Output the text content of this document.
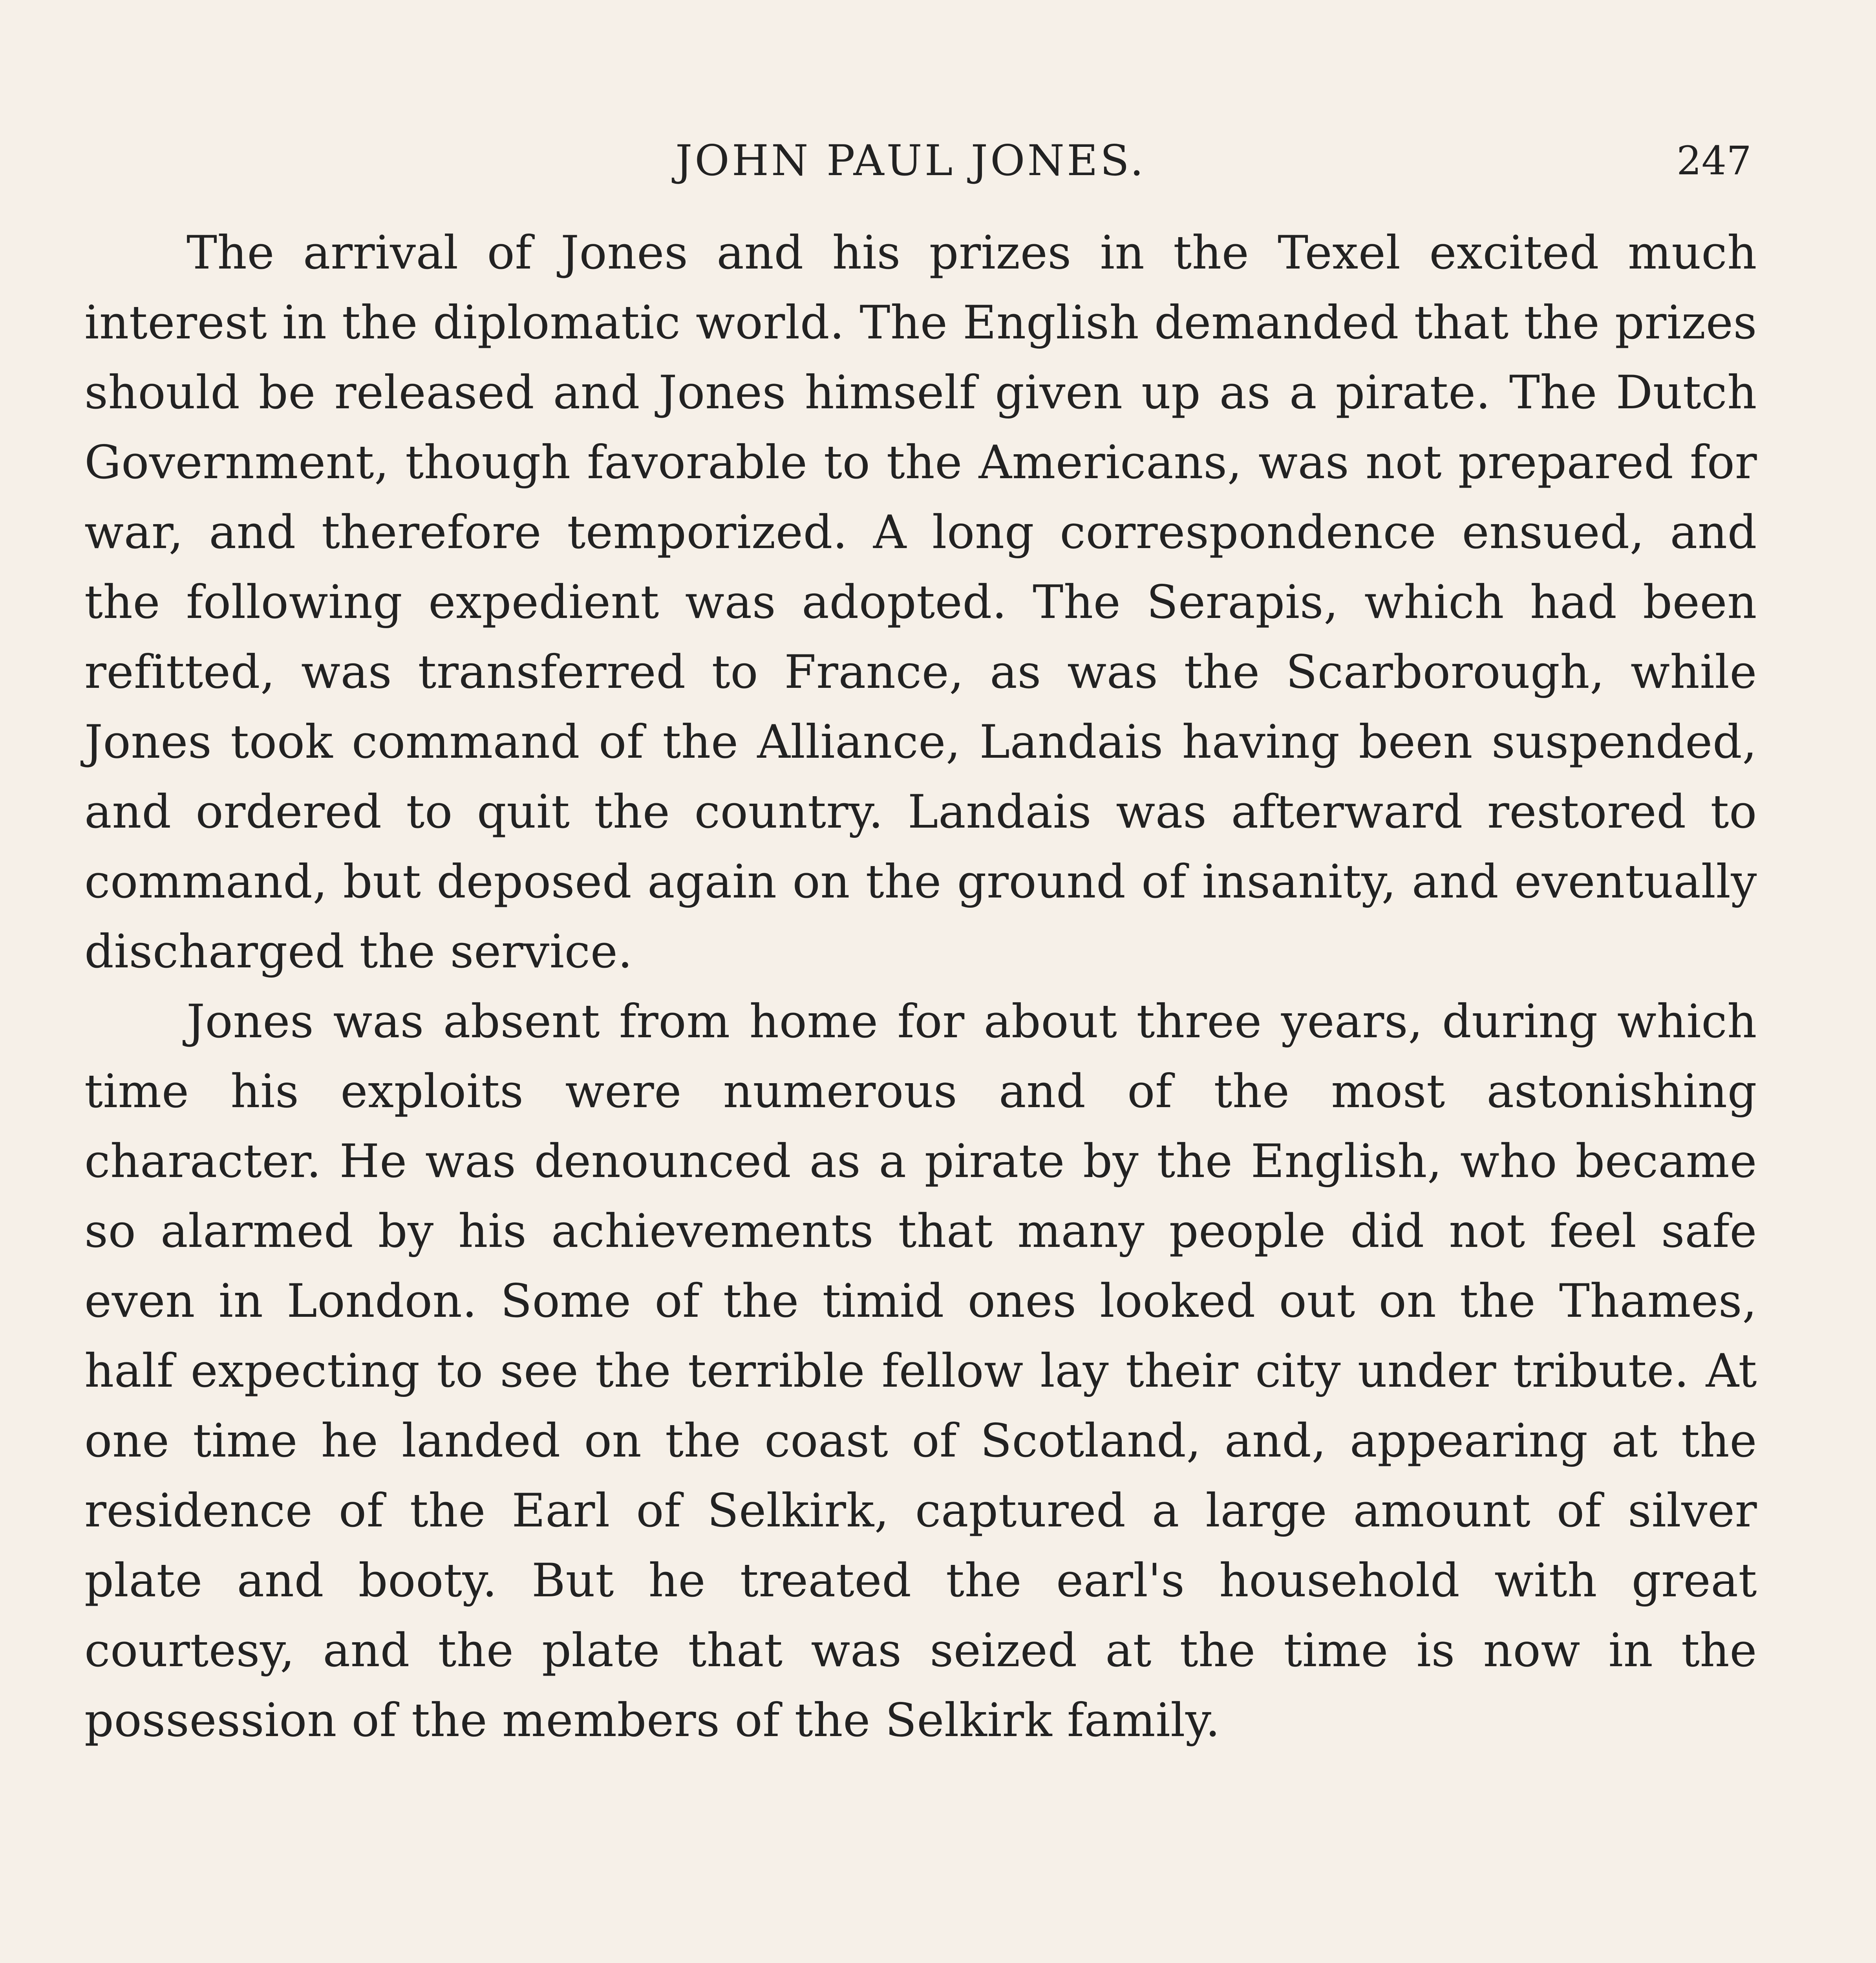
JOHN PAUL JONES.	247

The arrival of Jones and his prizes in the Texel excited much interest in the diplomatic world. The English demanded that the prizes should be released and Jones himself given up as a pirate. The Dutch Government, though favorable to the Americans, was not prepared for war, and therefore temporized. A long correspondence ensued, and the following expedient was adopted. The Serapis, which had been refitted, was transferred to France, as was the Scarborough, while Jones took command of the Alliance, Landais having been suspended, and ordered to quit the country. Landais was afterward restored to command, but deposed again on the ground of insanity, and eventually discharged the service.

Jones was absent from home for about three years, during which time his exploits were numerous and of the most astonishing character. He was denounced as a pirate by the English, who became so alarmed by his achievements that many people did not feel safe even in London. Some of the timid ones looked out on the Thames, half expecting to see the terrible fellow lay their city under tribute. At one time he landed on the coast of Scotland, and, appearing at the residence of the Earl of Selkirk, captured a large amount of silver plate and booty. But he treated the earl's household with great courtesy, and the plate that was seized at the time is now in the possession of the members of the Selkirk family.
